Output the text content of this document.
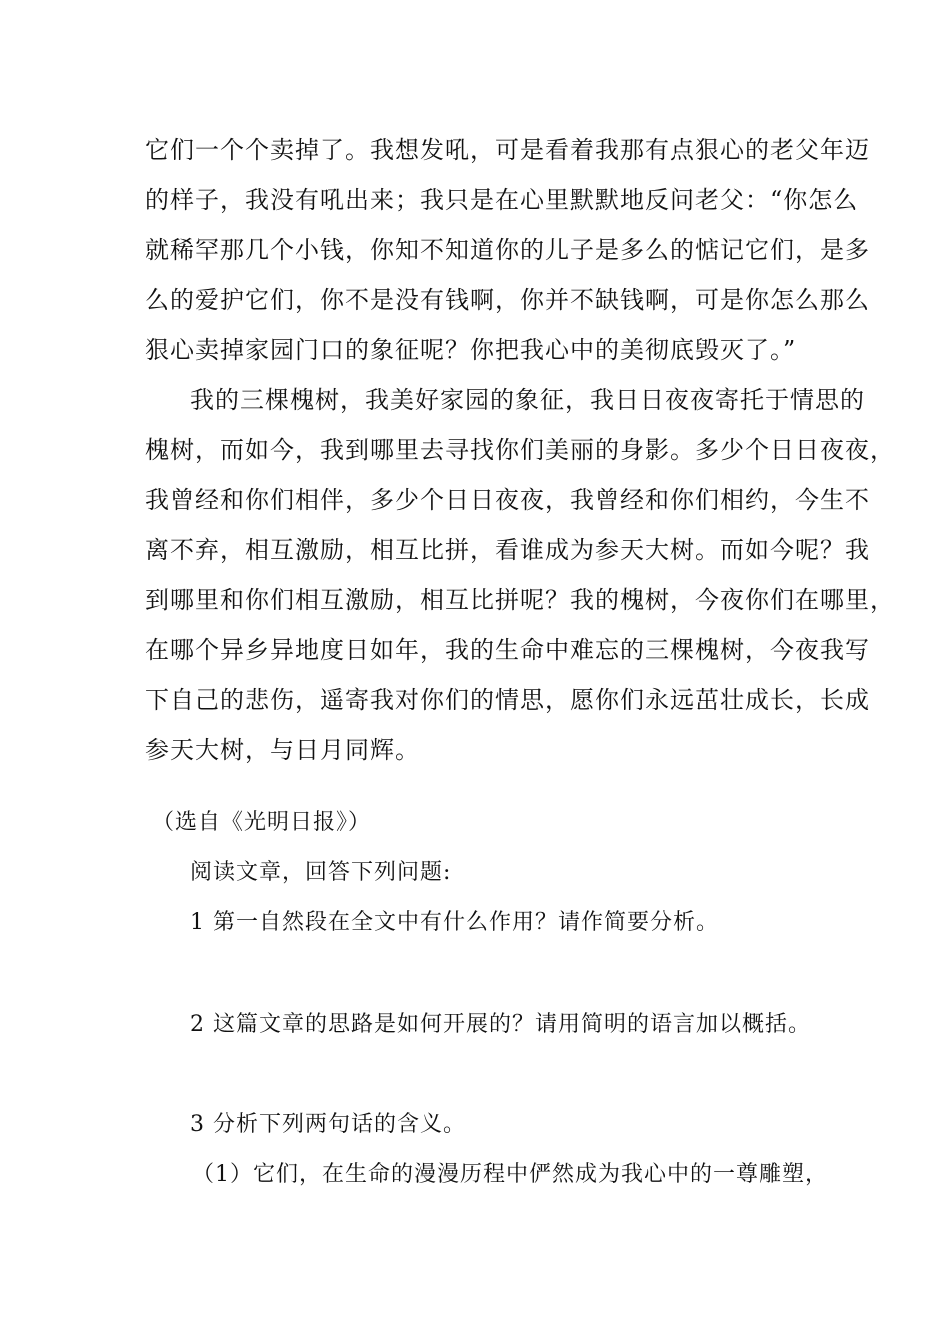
它们一个个卖掉了。我想发吼，可是看着我那有点狠心的老父年迈
的样子，我没有吼出来；我只是在心里默默地反问老父：“你怎么
就稀罕那几个小钱，你知不知道你的儿子是多么的惦记它们，是多
么的爱护它们，你不是没有钱啊，你并不缺钱啊，可是你怎么那么
狠心卖掉家园门口的象征呢？你把我心中的美彻底毁灭了。”
我的三棵槐树，我美好家园的象征，我日日夜夜寄托于情思的
槐树，而如今，我到哪里去寻找你们美丽的身影。多少个日日夜夜，
我曾经和你们相伴，多少个日日夜夜，我曾经和你们相约，今生不
离不弃，相互激励，相互比拼，看谁成为参天大树。而如今呢？我
到哪里和你们相互激励，相互比拼呢？我的槐树，今夜你们在哪里，
在哪个异乡异地度日如年，我的生命中难忘的三棵槐树，今夜我写
下自己的悲伤，遥寄我对你们的情思，愿你们永远茁壮成长，长成
参天大树，与日月同辉。
（选自《光明日报》）
阅读文章，回答下列问题:
1 第一自然段在全文中有什么作用？请作简要分析。
2 这篇文章的思路是如何开展的？请用简明的语言加以概括。
3 分析下列两句话的含义。
（1）它们，在生命的漫漫历程中俨然成为我心中的一尊雕塑，
